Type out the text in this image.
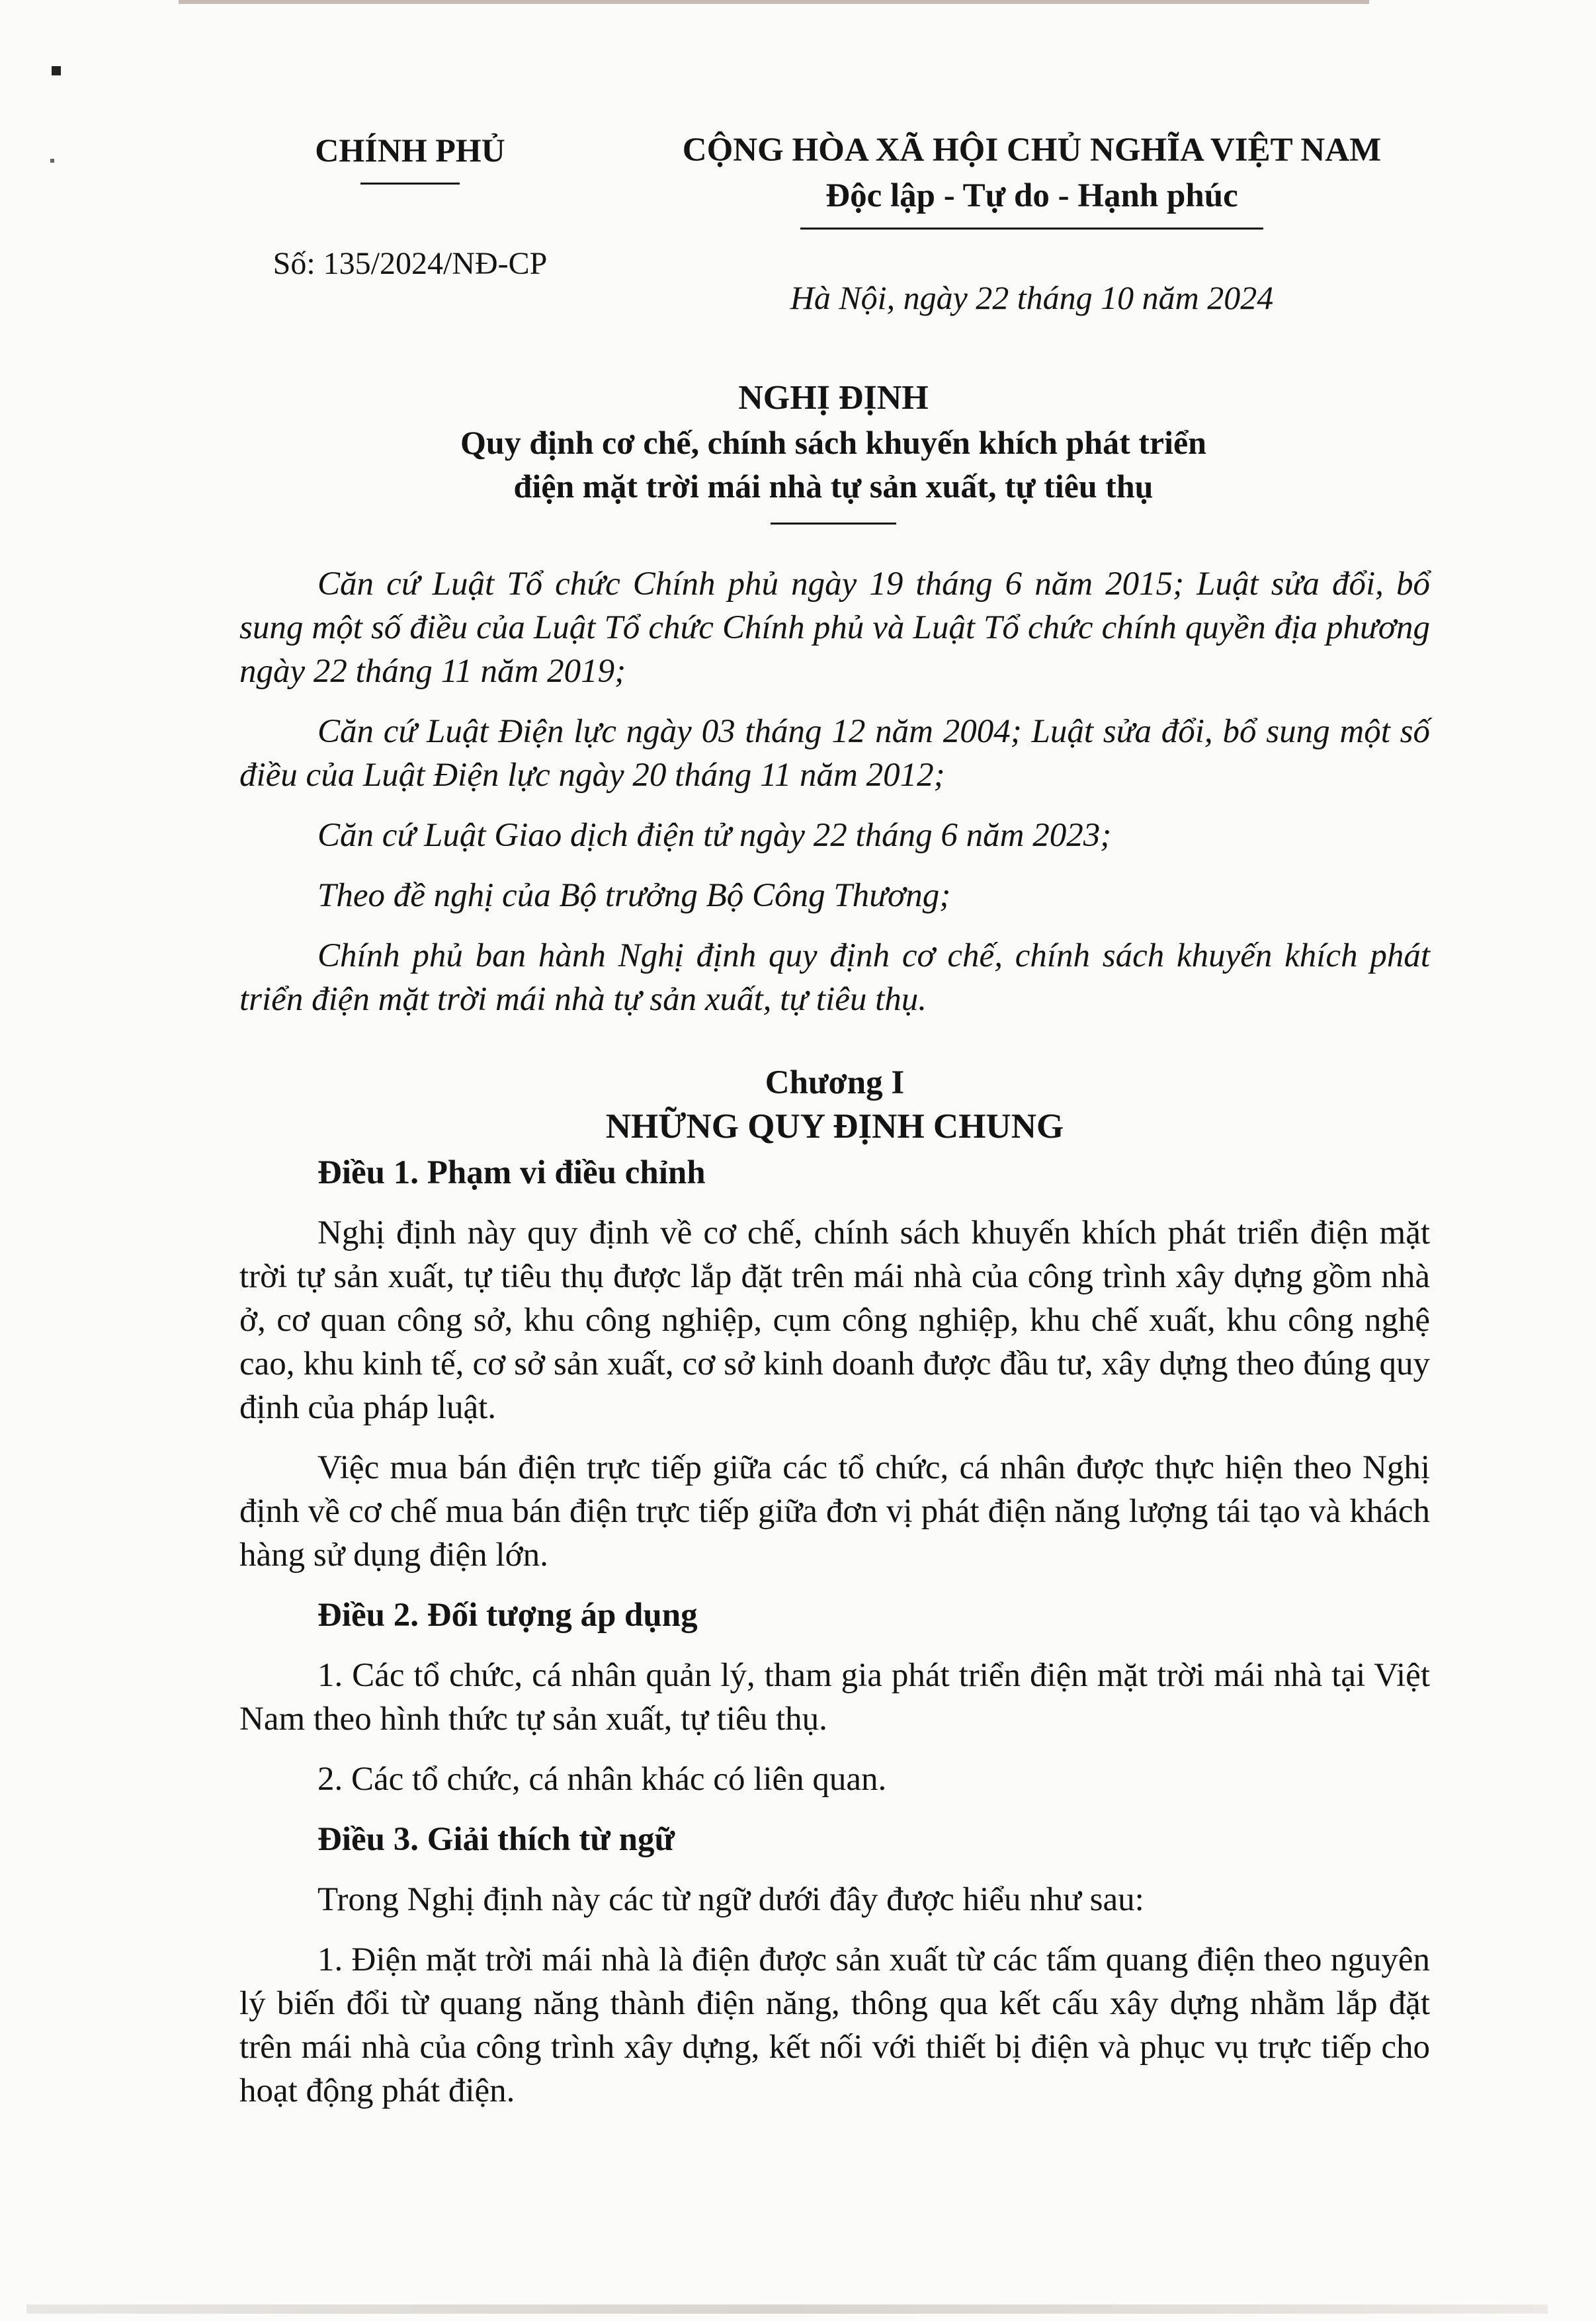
CHÍNH PHỦ
Số: 135/2024/NĐ-CP
CỘNG HÒA XÃ HỘI CHỦ NGHĨA VIỆT NAM
Độc lập - Tự do - Hạnh phúc
Hà Nội, ngày 22 tháng 10 năm 2024
NGHỊ ĐỊNH
Quy định cơ chế, chính sách khuyến khích phát triển
điện mặt trời mái nhà tự sản xuất, tự tiêu thụ

Căn cứ Luật Tổ chức Chính phủ ngày 19 tháng 6 năm 2015; Luật sửa đổi, bổ sung một số điều của Luật Tổ chức Chính phủ và Luật Tổ chức chính quyền địa phương ngày 22 tháng 11 năm 2019;

Căn cứ Luật Điện lực ngày 03 tháng 12 năm 2004; Luật sửa đổi, bổ sung một số điều của Luật Điện lực ngày 20 tháng 11 năm 2012;

Căn cứ Luật Giao dịch điện tử ngày 22 tháng 6 năm 2023;

Theo đề nghị của Bộ trưởng Bộ Công Thương;

Chính phủ ban hành Nghị định quy định cơ chế, chính sách khuyến khích phát triển điện mặt trời mái nhà tự sản xuất, tự tiêu thụ.

Chương I
NHỮNG QUY ĐỊNH CHUNG

Điều 1. Phạm vi điều chỉnh

Nghị định này quy định về cơ chế, chính sách khuyến khích phát triển điện mặt trời tự sản xuất, tự tiêu thụ được lắp đặt trên mái nhà của công trình xây dựng gồm nhà ở, cơ quan công sở, khu công nghiệp, cụm công nghiệp, khu chế xuất, khu công nghệ cao, khu kinh tế, cơ sở sản xuất, cơ sở kinh doanh được đầu tư, xây dựng theo đúng quy định của pháp luật.

Việc mua bán điện trực tiếp giữa các tổ chức, cá nhân được thực hiện theo Nghị định về cơ chế mua bán điện trực tiếp giữa đơn vị phát điện năng lượng tái tạo và khách hàng sử dụng điện lớn.

Điều 2. Đối tượng áp dụng

1. Các tổ chức, cá nhân quản lý, tham gia phát triển điện mặt trời mái nhà tại Việt Nam theo hình thức tự sản xuất, tự tiêu thụ.

2. Các tổ chức, cá nhân khác có liên quan.

Điều 3. Giải thích từ ngữ

Trong Nghị định này các từ ngữ dưới đây được hiểu như sau:

1. Điện mặt trời mái nhà là điện được sản xuất từ các tấm quang điện theo nguyên lý biến đổi từ quang năng thành điện năng, thông qua kết cấu xây dựng nhằm lắp đặt trên mái nhà của công trình xây dựng, kết nối với thiết bị điện và phục vụ trực tiếp cho hoạt động phát điện.
